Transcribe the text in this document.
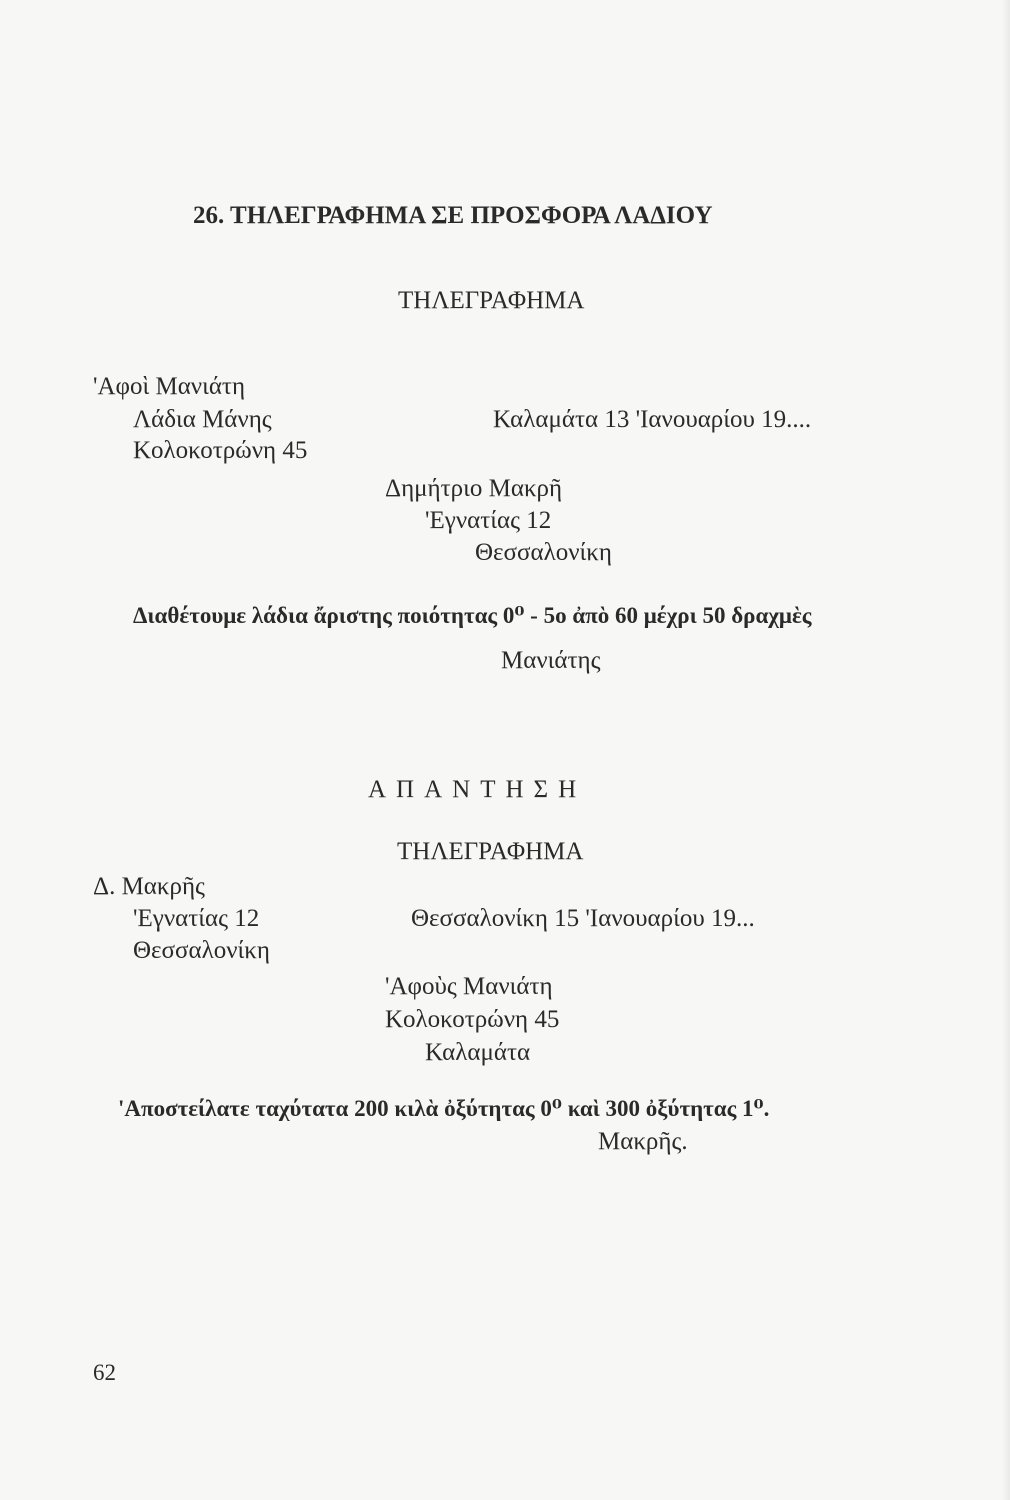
26. ΤΗΛΕΓΡΑΦΗΜΑ ΣΕ ΠΡΟΣΦΟΡΑ ΛΑΔΙΟΥ
ΤΗΛΕΓΡΑΦΗΜΑ
'Αφοὶ Μανιάτη
Λάδια Μάνης
Κολοκοτρώνη 45
Καλαμάτα 13 'Ιανουαρίου 19....
Δημήτριο Μακρῆ
'Εγνατίας 12
Θεσσαλονίκη
Διαθέτουμε λάδια ἄριστης ποιότητας 0⁰ - 5ο ἀπὸ 60 μέχρι 50 δραχμὲς
Μανιάτης
ΑΠΑΝΤΗΣΗ
ΤΗΛΕΓΡΑΦΗΜΑ
Δ. Μακρῆς
'Εγνατίας 12
Θεσσαλονίκη
Θεσσαλονίκη 15 'Ιανουαρίου 19...
'Αφοὺς Μανιάτη
Κολοκοτρώνη 45
Καλαμάτα
'Αποστείλατε ταχύτατα 200 κιλὰ ὀξύτητας 0⁰ καὶ 300 ὀξύτητας 1⁰.
Μακρῆς.
62
